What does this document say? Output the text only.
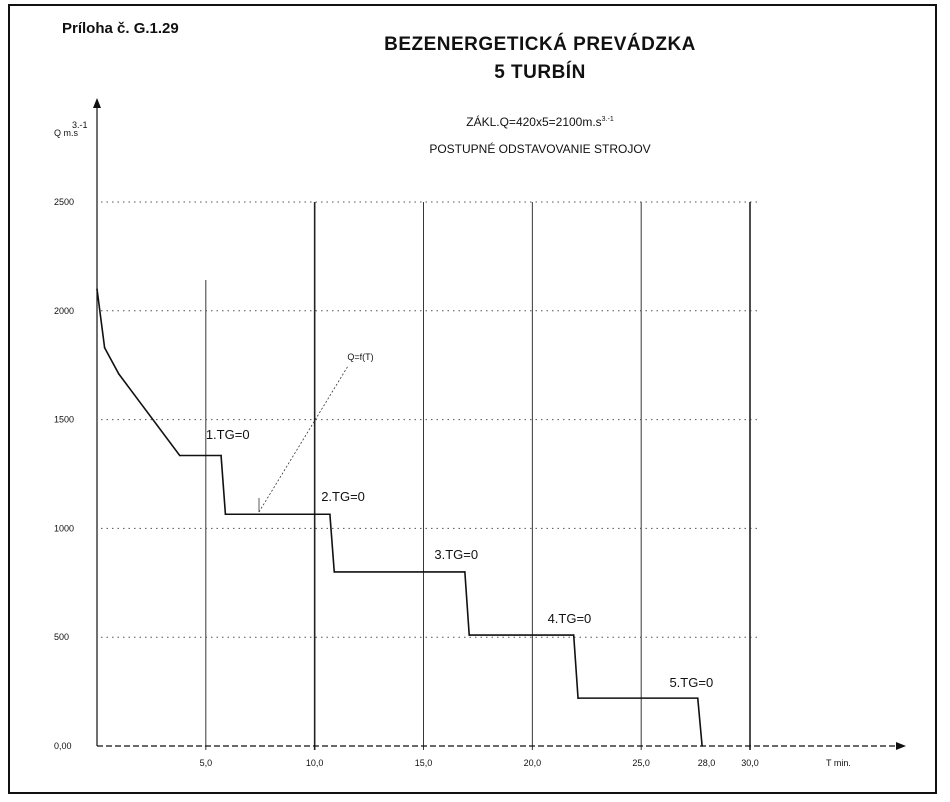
Príloha č. G.1.29
BEZENERGETICKÁ PREVÁDZKA
5 TURBÍN
$ZÁKL.Q=420x5=2100m.s^{3.-1}$
POSTUPNÉ ODSTAVOVANIE STROJOV
0,00
500
1000
1500
2000
2500
5,0	10,0	15,0	20,0	25,0	28,0	30,0
Q m.s
3.-1
T min.
1.TG=0
2.TG=0
3.TG=0
4.TG=0
5.TG=0
Q=f(T)
